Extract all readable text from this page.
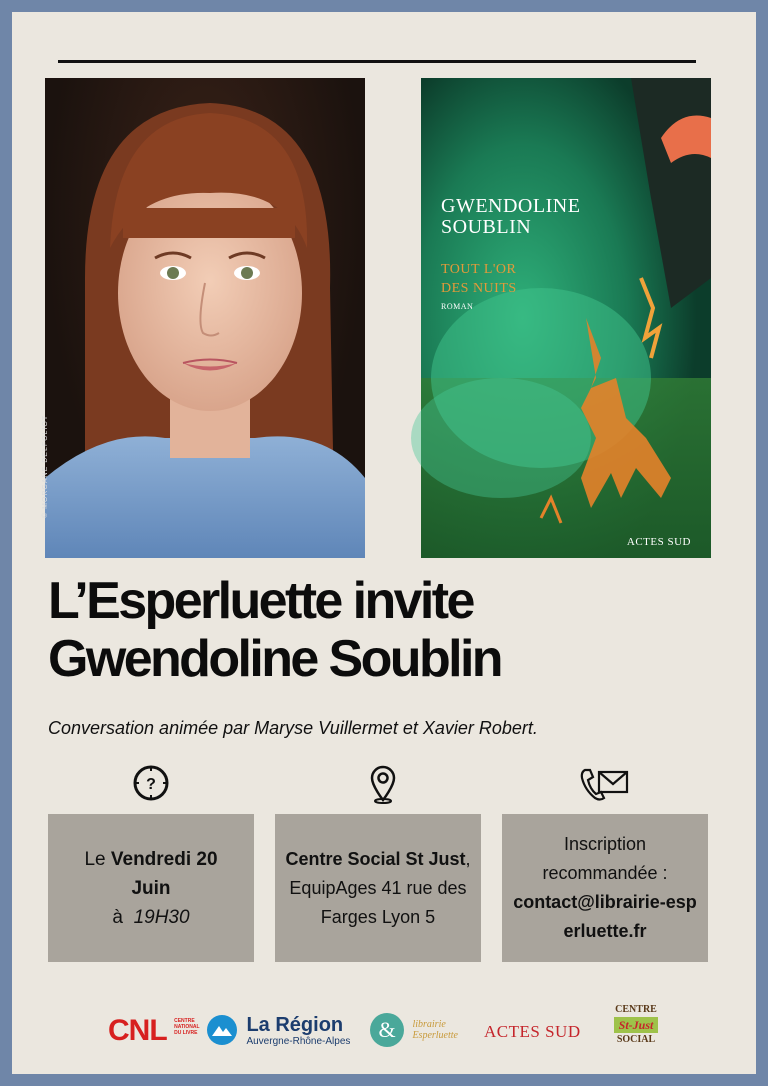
© MORGANE DELFOLIOT
GWENDOLINE
SOUBLIN
TOUT L'OR
DES NUITS
ROMAN
ACTES SUD
L’Esperluette invite
Gwendoline Soublin
Conversation animée par Maryse Vuillermet et Xavier Robert.
?
Le Vendredi 20
Juin
à  19H30
Centre Social St Just,
EquipAges 41 rue des Farges Lyon 5
Inscription recommandée :
contact@librairie-esperluette.fr
CNL CENTRE
NATIONAL
DU LIVRE
La Région
Auvergne-Rhône-Alpes & librairie
Esperluette ACTES SUD
CENTRE
St-Just
SOCIAL
